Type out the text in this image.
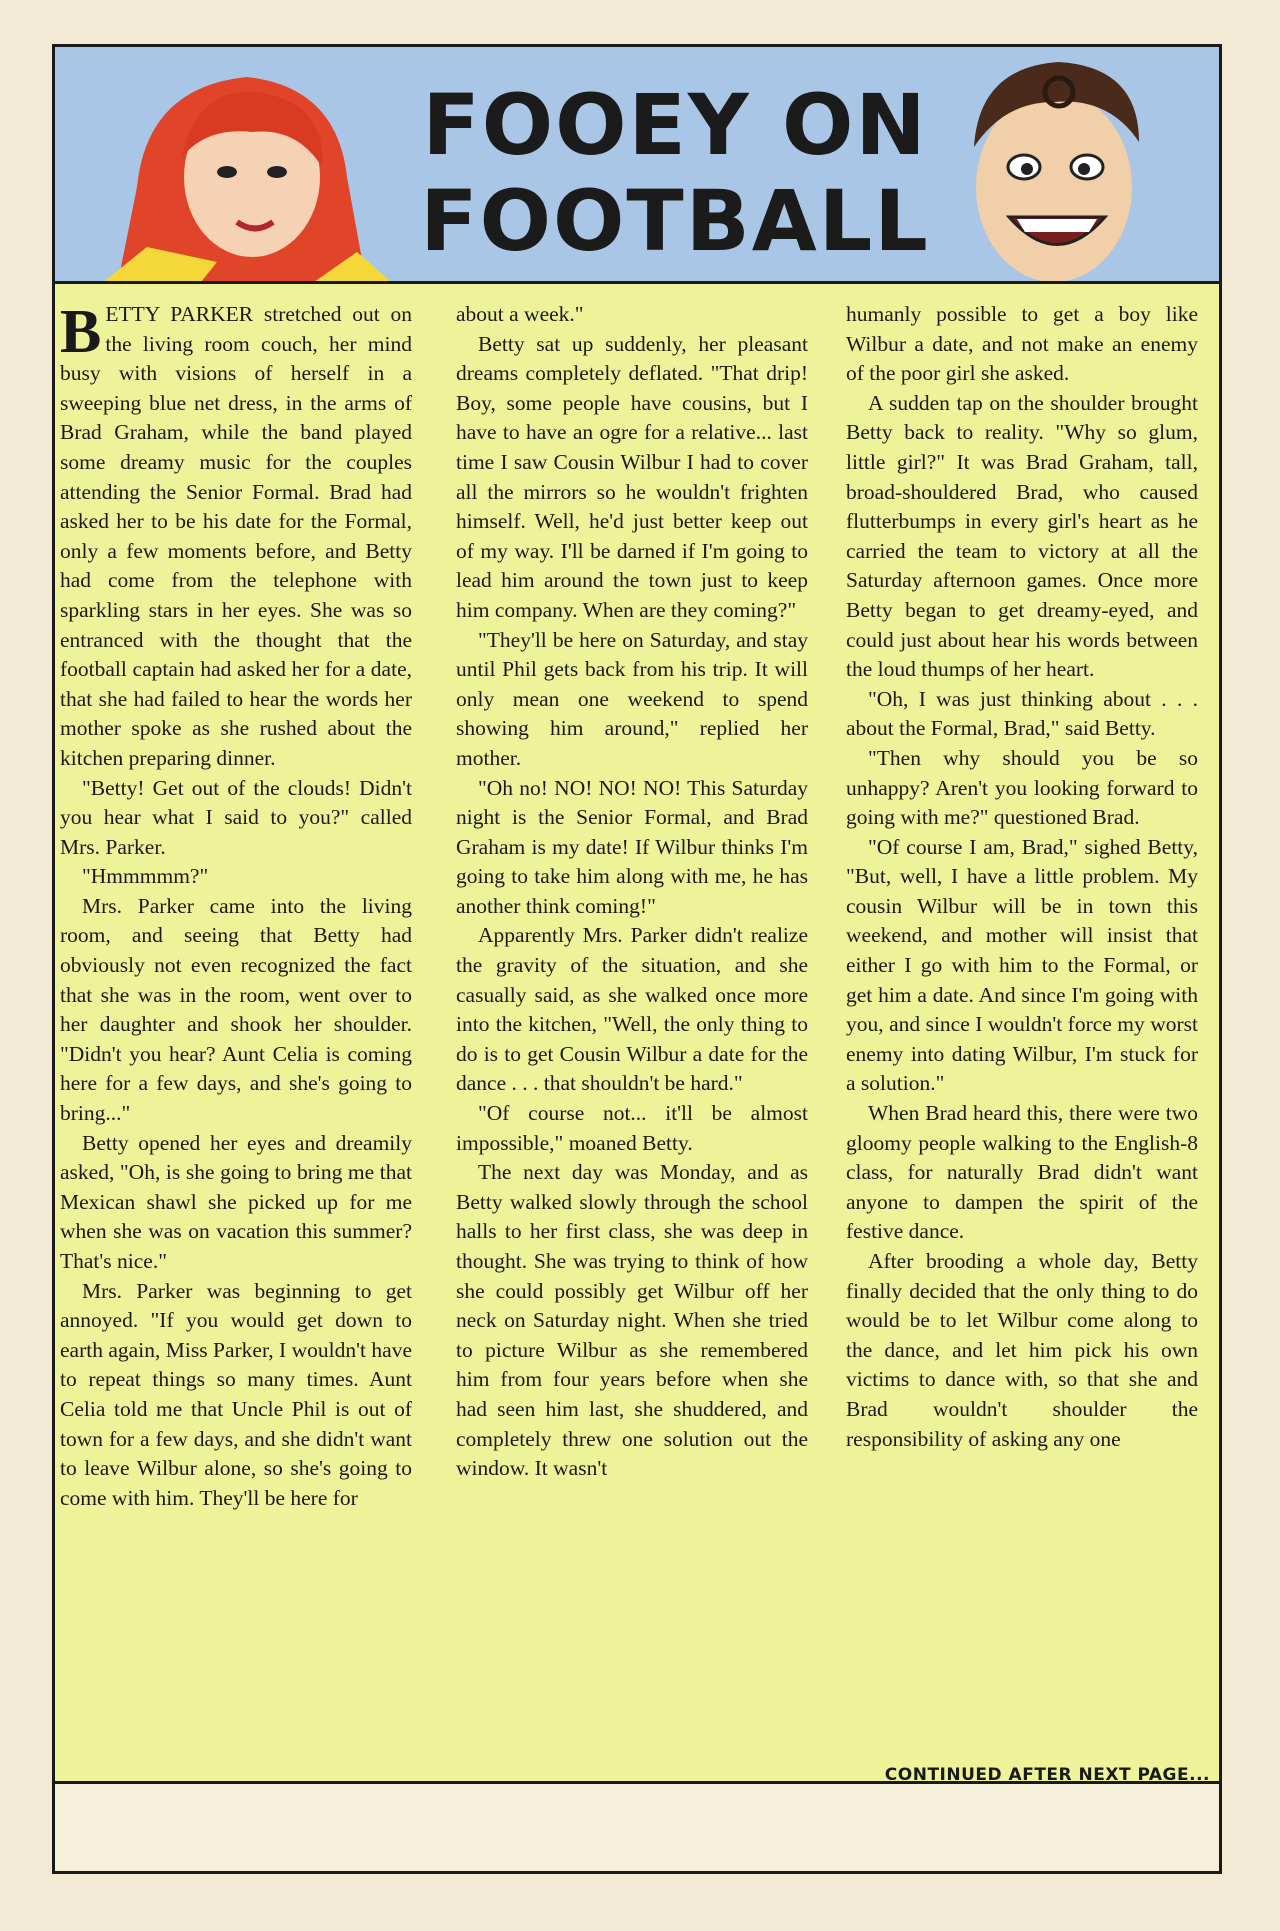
FOOEY ON
FOOTBALL

BETTY PARKER stretched out on the living room couch, her mind busy with visions of herself in a sweeping blue net dress, in the arms of Brad Graham, while the band played some dreamy music for the couples attending the Senior Formal. Brad had asked her to be his date for the Formal, only a few moments before, and Betty had come from the telephone with sparkling stars in her eyes. She was so entranced with the thought that the football captain had asked her for a date, that she had failed to hear the words her mother spoke as she rushed about the kitchen preparing dinner.

"Betty! Get out of the clouds! Didn't you hear what I said to you?" called Mrs. Parker.

"Hmmmmm?"

Mrs. Parker came into the living room, and seeing that Betty had obviously not even recognized the fact that she was in the room, went over to her daughter and shook her shoulder. "Didn't you hear? Aunt Celia is coming here for a few days, and she's going to bring..."

Betty opened her eyes and dreamily asked, "Oh, is she going to bring me that Mexican shawl she picked up for me when she was on vacation this summer? That's nice."

Mrs. Parker was beginning to get annoyed. "If you would get down to earth again, Miss Parker, I wouldn't have to repeat things so many times. Aunt Celia told me that Uncle Phil is out of town for a few days, and she didn't want to leave Wilbur alone, so she's going to come with him. They'll be here for

about a week."

Betty sat up suddenly, her pleasant dreams completely deflated. "That drip! Boy, some people have cousins, but I have to have an ogre for a relative... last time I saw Cousin Wilbur I had to cover all the mirrors so he wouldn't frighten himself. Well, he'd just better keep out of my way. I'll be darned if I'm going to lead him around the town just to keep him company. When are they coming?"

"They'll be here on Saturday, and stay until Phil gets back from his trip. It will only mean one weekend to spend showing him around," replied her mother.

"Oh no! NO! NO! NO! This Saturday night is the Senior Formal, and Brad Graham is my date! If Wilbur thinks I'm going to take him along with me, he has another think coming!"

Apparently Mrs. Parker didn't realize the gravity of the situation, and she casually said, as she walked once more into the kitchen, "Well, the only thing to do is to get Cousin Wilbur a date for the dance . . . that shouldn't be hard."

"Of course not... it'll be almost impossible," moaned Betty.

The next day was Monday, and as Betty walked slowly through the school halls to her first class, she was deep in thought. She was trying to think of how she could possibly get Wilbur off her neck on Saturday night. When she tried to picture Wilbur as she remembered him from four years before when she had seen him last, she shuddered, and completely threw one solution out the window. It wasn't

humanly possible to get a boy like Wilbur a date, and not make an enemy of the poor girl she asked.

A sudden tap on the shoulder brought Betty back to reality. "Why so glum, little girl?" It was Brad Graham, tall, broad-shouldered Brad, who caused flutterbumps in every girl's heart as he carried the team to victory at all the Saturday afternoon games. Once more Betty began to get dreamy-eyed, and could just about hear his words between the loud thumps of her heart.

"Oh, I was just thinking about . . . about the Formal, Brad," said Betty.

"Then why should you be so unhappy? Aren't you looking forward to going with me?" questioned Brad.

"Of course I am, Brad," sighed Betty, "But, well, I have a little problem. My cousin Wilbur will be in town this weekend, and mother will insist that either I go with him to the Formal, or get him a date. And since I'm going with you, and since I wouldn't force my worst enemy into dating Wilbur, I'm stuck for a solution."

When Brad heard this, there were two gloomy people walking to the English-8 class, for naturally Brad didn't want anyone to dampen the spirit of the festive dance.

After brooding a whole day, Betty finally decided that the only thing to do would be to let Wilbur come along to the dance, and let him pick his own victims to dance with, so that she and Brad wouldn't shoulder the responsibility of asking any one

CONTINUED AFTER NEXT PAGE...
